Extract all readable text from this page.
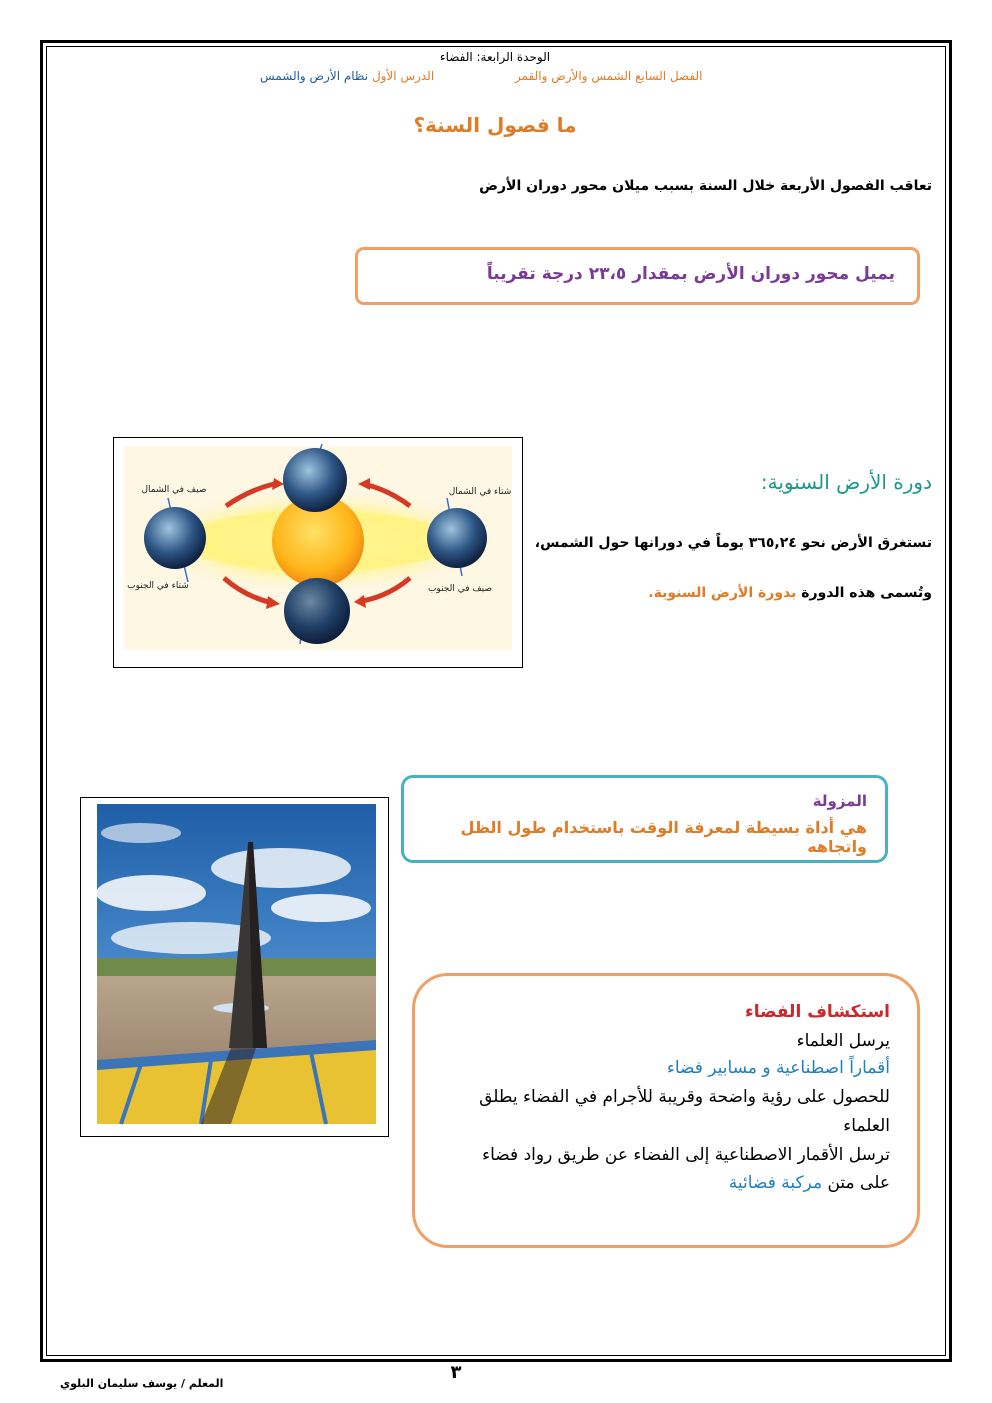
الوحدة الرابعة: الفضاء
الفصل السابع الشمس والأرض والقمر
الدرس الأول نظام الأرض والشمس
ما فصول السنة؟
تعاقب الفصول الأربعة خلال السنة بسبب ميلان محور دوران الأرض
يميل محور دوران الأرض بمقدار ٢٣،٥ درجة تقريباً
دورة الأرض السنوية:
تستغرق الأرض نحو ٣٦٥,٢٤ يوماً في دورانها حول الشمس،
وتُسمى هذه الدورة بدورة الأرض السنوية.
صيف في الشمال
شتاء في الجنوب
شتاء في الشمال
صيف في الجنوب
المزولة
هي أداة بسيطة لمعرفة الوقت باستخدام طول الظل واتجاهه
استكشاف الفضاء
يرسل العلماء
أقماراً اصطناعية و مسابير فضاء
للحصول على رؤية واضحة وقريبة للأجرام في الفضاء يطلق العلماء
ترسل الأقمار الاصطناعية إلى الفضاء عن طريق رواد فضاء
على متن مركبة فضائية
٣
المعلم / يوسف سليمان البلوي
